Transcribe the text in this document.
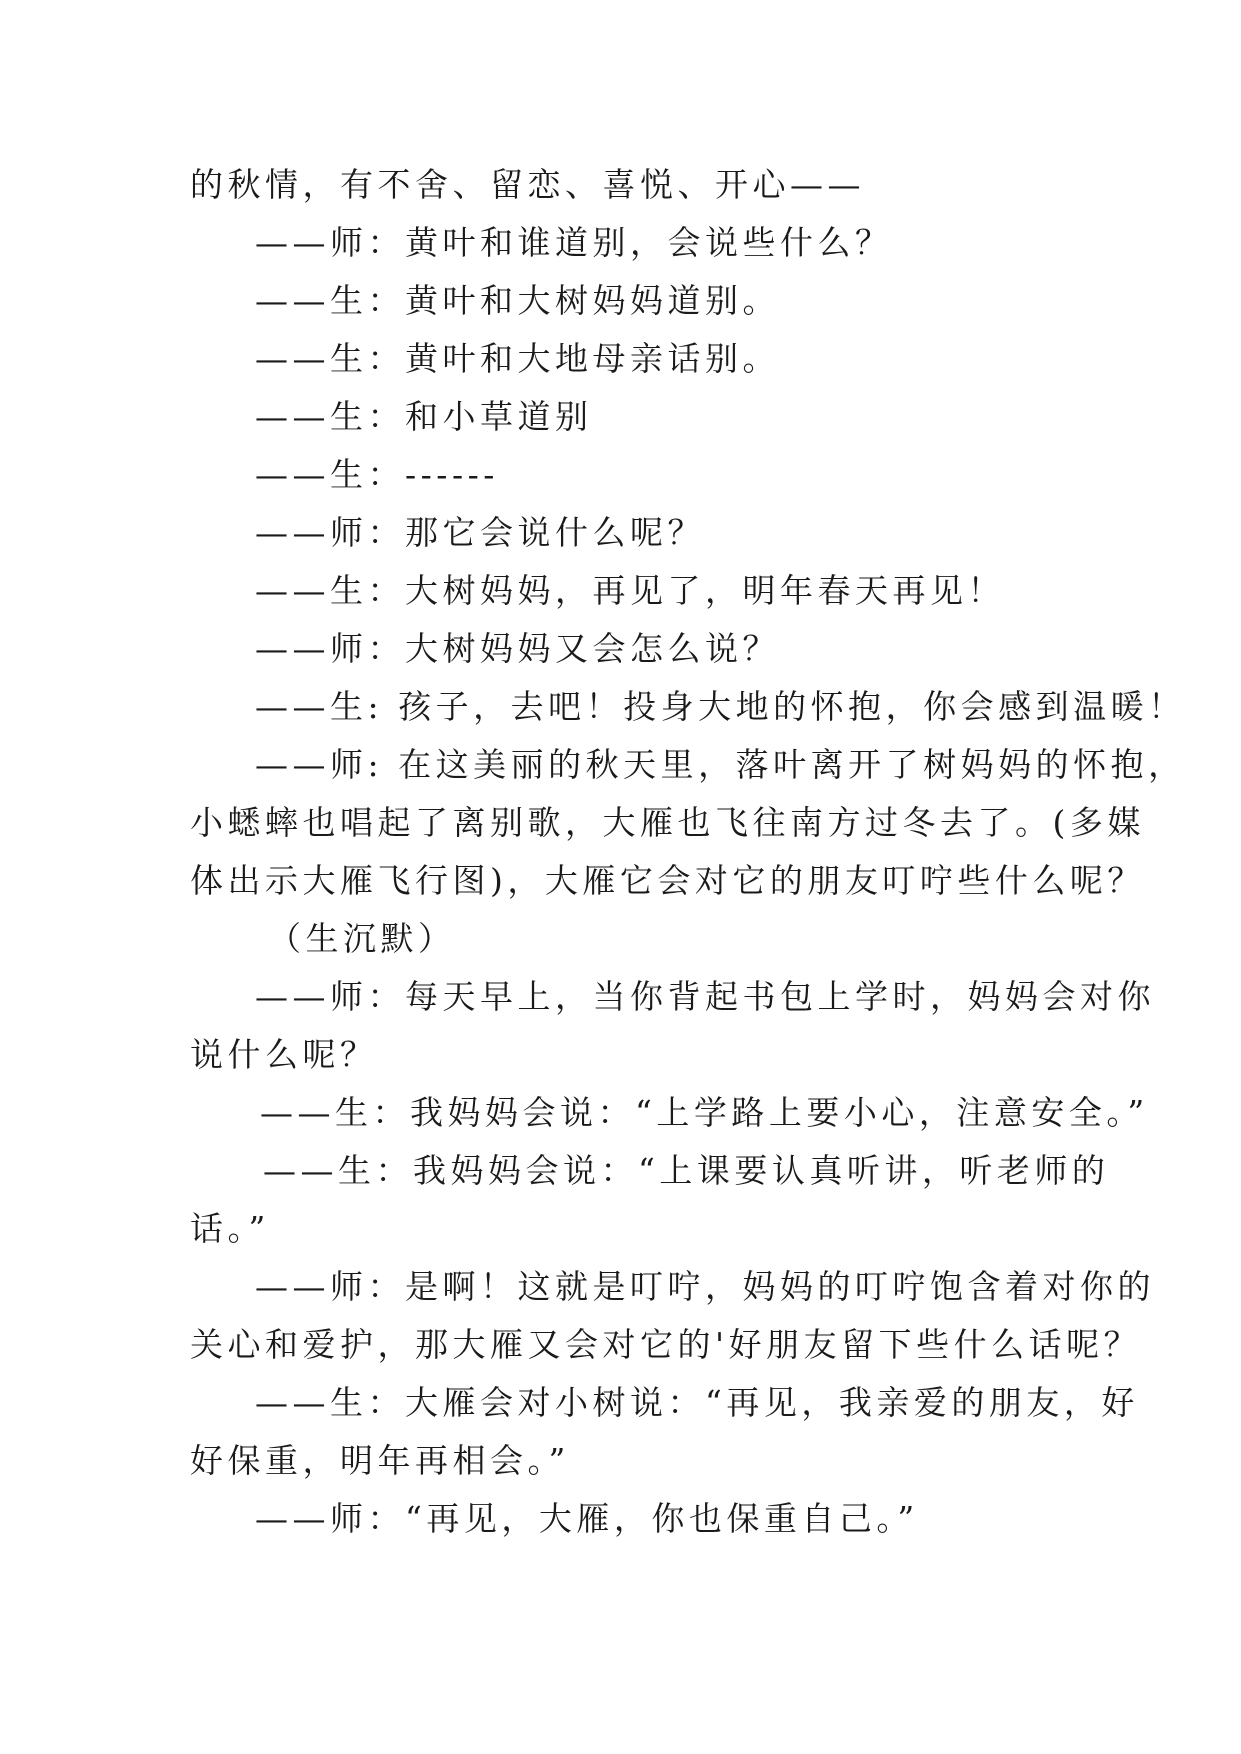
的秋情，有不舍、留恋、喜悦、开心——
——师：黄叶和谁道别，会说些什么？
——生：黄叶和大树妈妈道别。
——生：黄叶和大地母亲话别。
——生：和小草道别
——生：------
——师：那它会说什么呢？
——生：大树妈妈，再见了，明年春天再见！
——师：大树妈妈又会怎么说？
——生: 孩子，去吧！投身大地的怀抱，你会感到温暖！
——师: 在这美丽的秋天里，落叶离开了树妈妈的怀抱，
小蟋蟀也唱起了离别歌，大雁也飞往南方过冬去了。(多媒
体出示大雁飞行图)，大雁它会对它的朋友叮咛些什么呢？
（生沉默）
——师：每天早上，当你背起书包上学时，妈妈会对你
说什么呢？
——生：我妈妈会说：“上学路上要小心，注意安全。”
——生：我妈妈会说：“上课要认真听讲，听老师的
话。”
——师：是啊！这就是叮咛，妈妈的叮咛饱含着对你的
关心和爱护，那大雁又会对它的'好朋友留下些什么话呢？
——生：大雁会对小树说：“再见，我亲爱的朋友，好
好保重，明年再相会。”
——师：“再见，大雁，你也保重自己。”
